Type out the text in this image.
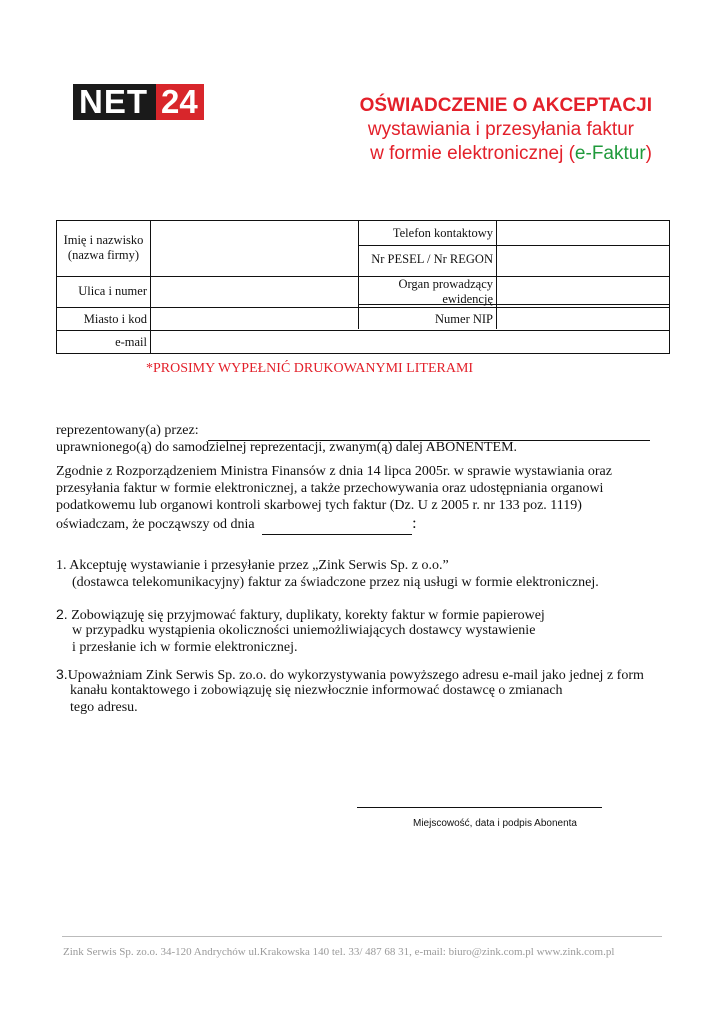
NET 24	OŚWIADCZENIE O AKCEPTACJI
wystawiania i przesyłania faktur
w formie elektronicznej (e-Faktur)
Imię i nazwisko
(nazwa firmy)
Ulica i numer
Miasto i kod
e-mail
Telefon kontaktowy
Nr PESEL / Nr REGON
Organ prowadzący
ewidencję
Numer NIP
*PROSIMY WYPEŁNIĆ DRUKOWANYMI LITERAMI
reprezentowany(a) przez:
uprawnionego(ą) do samodzielnej reprezentacji, zwanym(ą) dalej ABONENTEM.
Zgodnie z Rozporządzeniem Ministra Finansów z dnia 14 lipca 2005r. w sprawie wystawiania oraz
przesyłania faktur w formie elektronicznej, a także przechowywania oraz udostępniania organowi
podatkowemu lub organowi kontroli skarbowej tych faktur (Dz. U z 2005 r. nr 133 poz. 1119)
oświadczam, że począwszy od dnia	:
1. Akceptuję wystawianie i przesyłanie przez „Zink Serwis Sp. z o.o.”
(dostawca telekomunikacyjny) faktur za świadczone przez nią usługi w formie elektronicznej.
2. Zobowiązuję się przyjmować faktury, duplikaty, korekty faktur w formie papierowej
w przypadku wystąpienia okoliczności uniemożliwiających dostawcy wystawienie
i przesłanie ich w formie elektronicznej.
3.Upoważniam Zink Serwis Sp. zo.o. do wykorzystywania powyższego adresu e-mail jako jednej z form
kanału kontaktowego i zobowiązuję się niezwłocznie informować dostawcę o zmianach
tego adresu.
Miejscowość, data i podpis Abonenta
Zink Serwis Sp. zo.o. 34-120 Andrychów ul.Krakowska 140 tel. 33/ 487 68 31, e-mail: biuro@zink.com.pl www.zink.com.pl
